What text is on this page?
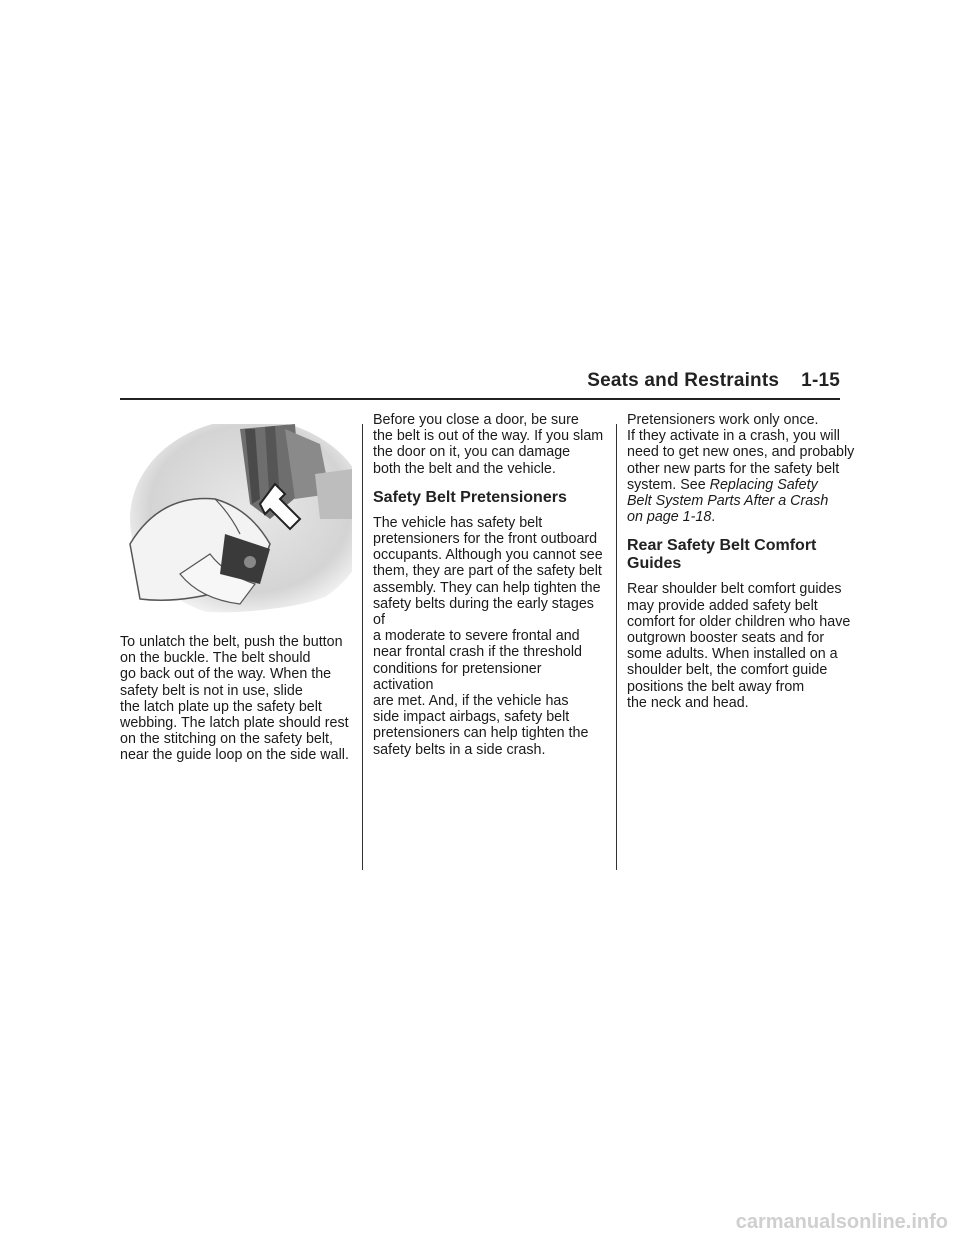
Seats and Restraints 1-15

To unlatch the belt, push the button
on the buckle. The belt should
go back out of the way. When the
safety belt is not in use, slide
the latch plate up the safety belt
webbing. The latch plate should rest
on the stitching on the safety belt,
near the guide loop on the side wall.

Before you close a door, be sure
the belt is out of the way. If you slam
the door on it, you can damage
both the belt and the vehicle.

Safety Belt Pretensioners

The vehicle has safety belt
pretensioners for the front outboard
occupants. Although you cannot see
them, they are part of the safety belt
assembly. They can help tighten the
safety belts during the early stages of
a moderate to severe frontal and
near frontal crash if the threshold
conditions for pretensioner activation
are met. And, if the vehicle has
side impact airbags, safety belt
pretensioners can help tighten the
safety belts in a side crash.

Pretensioners work only once.
If they activate in a crash, you will
need to get new ones, and probably
other new parts for the safety belt
system. See Replacing Safety
Belt System Parts After a Crash
on page 1-18.

Rear Safety Belt Comfort
Guides

Rear shoulder belt comfort guides
may provide added safety belt
comfort for older children who have
outgrown booster seats and for
some adults. When installed on a
shoulder belt, the comfort guide
positions the belt away from
the neck and head.

carmanualsonline.info
